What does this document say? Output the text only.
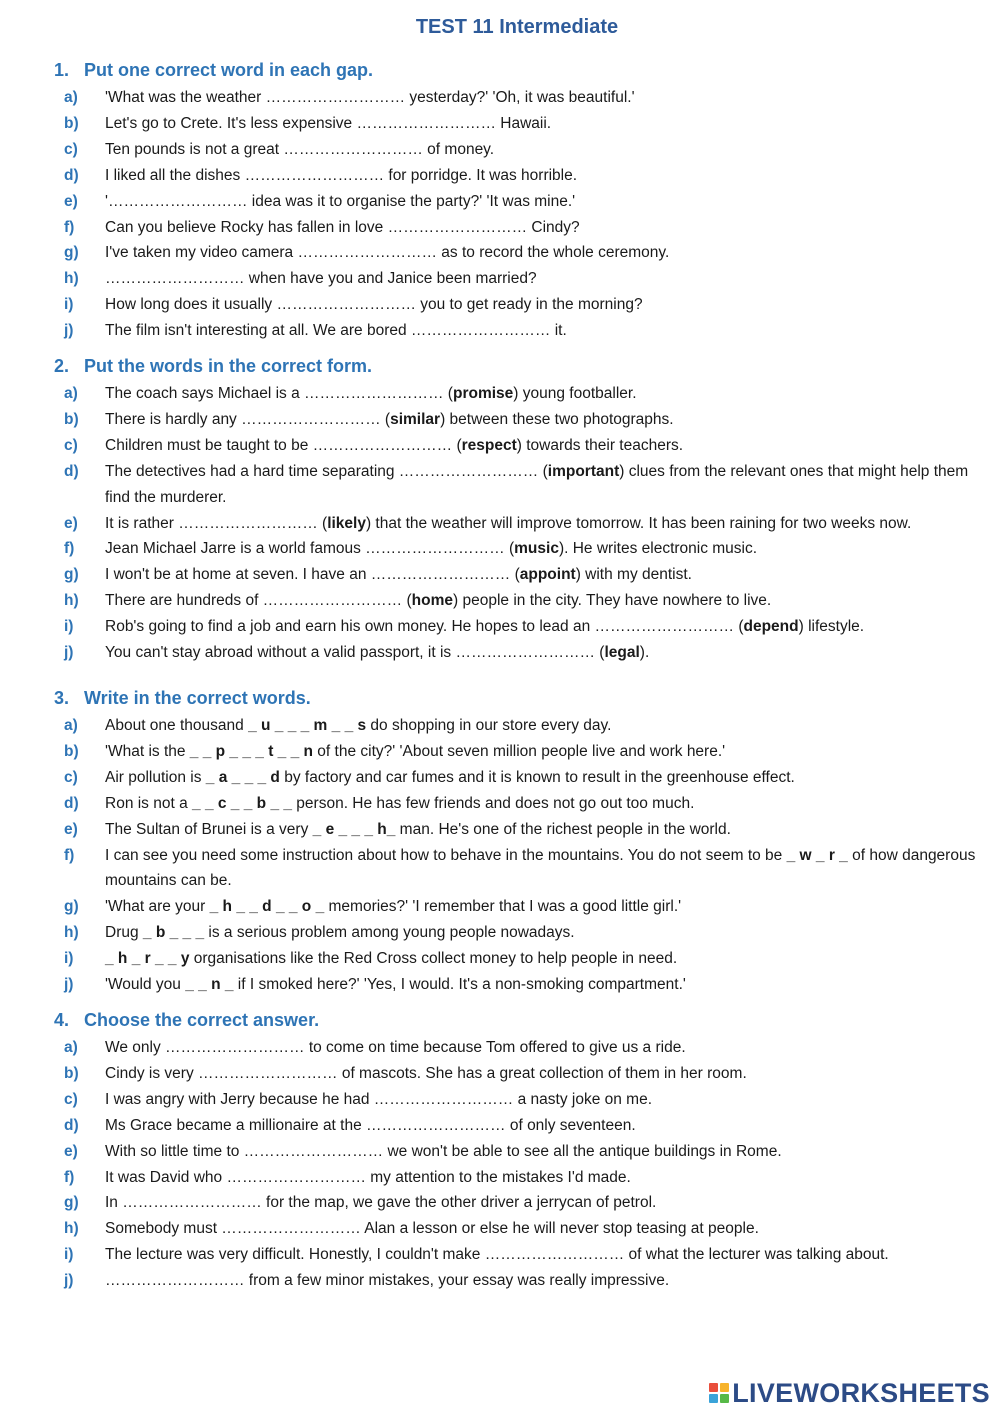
TEST 11 Intermediate
1. Put one correct word in each gap.
a)	'What was the weather ……………………… yesterday?' 'Oh, it was beautiful.'
b)	Let's go to Crete. It's less expensive ……………………… Hawaii.
c)	Ten pounds is not a great ……………………… of money.
d)	I liked all the dishes ……………………… for porridge. It was horrible.
e)	'……………………… idea was it to organise the party?' 'It was mine.'
f)	Can you believe Rocky has fallen in love ……………………… Cindy?
g)	I've taken my video camera ……………………… as to record the whole ceremony.
h)	……………………… when have you and Janice been married?
i)	How long does it usually ……………………… you to get ready in the morning?
j)	The film isn't interesting at all. We are bored ……………………… it.
2. Put the words in the correct form.
a)	The coach says Michael is a ……………………… (promise) young footballer.
b)	There is hardly any ……………………… (similar) between these two photographs.
c)	Children must be taught to be ……………………… (respect) towards their teachers.
d)	The detectives had a hard time separating ……………………… (important) clues from the relevant ones that might help them find the murderer.
e)	It is rather ……………………… (likely) that the weather will improve tomorrow. It has been raining for two weeks now.
f)	Jean Michael Jarre is a world famous ……………………… (music). He writes electronic music.
g)	I won't be at home at seven. I have an ……………………… (appoint) with my dentist.
h)	There are hundreds of ……………………… (home) people in the city. They have nowhere to live.
i)	Rob's going to find a job and earn his own money. He hopes to lead an ……………………… (depend) lifestyle.
j)	You can't stay abroad without a valid passport, it is ……………………… (legal).
3. Write in the correct words.
a)	About one thousand _ u _ _ _ m _ _ s do shopping in our store every day.
b)	'What is the _ _ p _ _ _ t _ _ n of the city?' 'About seven million people live and work here.'
c)	Air pollution is _ a _ _ _ d by factory and car fumes and it is known to result in the greenhouse effect.
d)	Ron is not a _ _ c _ _ b _ _ person. He has few friends and does not go out too much.
e)	The Sultan of Brunei is a very _ e _ _ _ h_ man. He's one of the richest people in the world.
f)	I can see you need some instruction about how to behave in the mountains. You do not seem to be _ w _ r _ of how dangerous mountains can be.
g)	'What are your _ h _ _ d _ _ o _ memories?' 'I remember that I was a good little girl.'
h)	Drug _ b _ _ _ is a serious problem among young people nowadays.
i)	_ h _ r _ _ y organisations like the Red Cross collect money to help people in need.
j)	'Would you _ _ n _ if I smoked here?' 'Yes, I would. It's a non-smoking compartment.'
4. Choose the correct answer.
a)	We only ……………………… to come on time because Tom offered to give us a ride.
b)	Cindy is very ……………………… of mascots. She has a great collection of them in her room.
c)	I was angry with Jerry because he had ……………………… a nasty joke on me.
d)	Ms Grace became a millionaire at the ……………………… of only seventeen.
e)	With so little time to ……………………… we won't be able to see all the antique buildings in Rome.
f)	It was David who ……………………… my attention to the mistakes I'd made.
g)	In ……………………… for the map, we gave the other driver a jerrycan of petrol.
h)	Somebody must ……………………… Alan a lesson or else he will never stop teasing at people.
i)	The lecture was very difficult. Honestly, I couldn't make ……………………… of what the lecturer was talking about.
j)	……………………… from a few minor mistakes, your essay was really impressive.
LIVEWORKSHEETS
